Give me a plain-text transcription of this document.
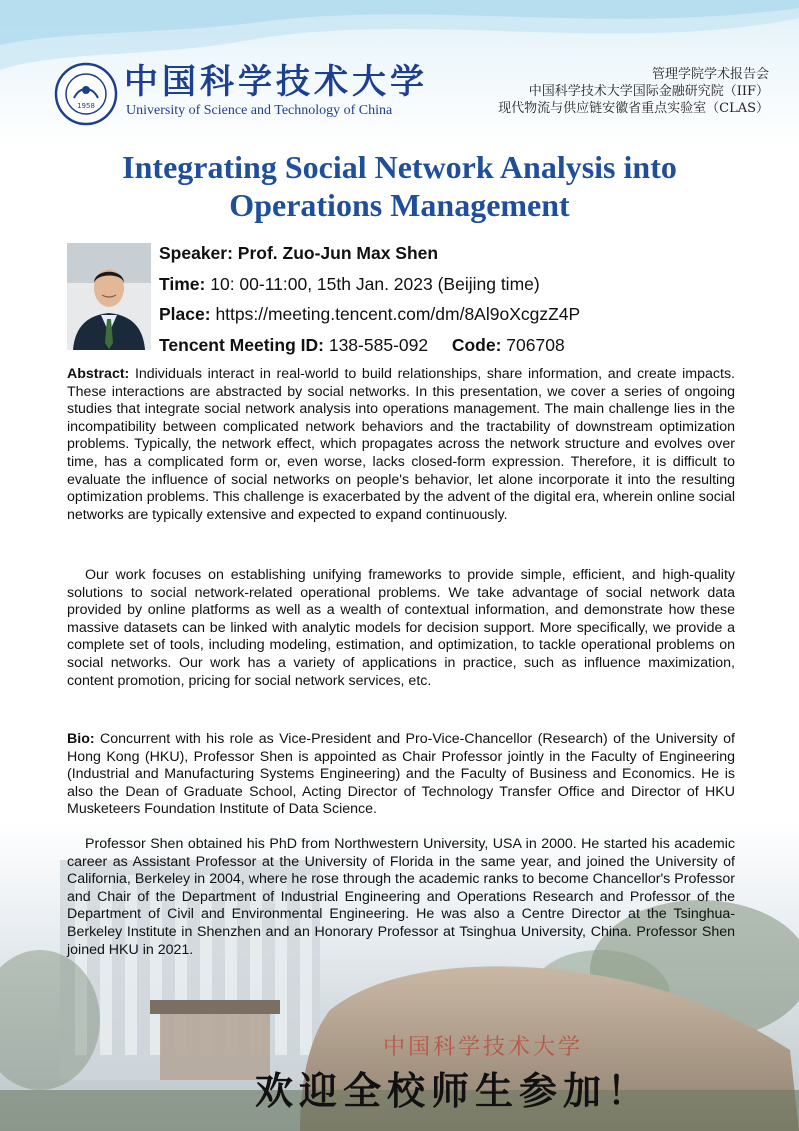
1958
中国科学技术大学
University of Science and Technology of China
管理学院学术报告会
中国科学技术大学国际金融研究院（IIF）
现代物流与供应链安徽省重点实验室（CLAS）
Integrating Social Network Analysis into
Operations Management
Speaker: Prof. Zuo-Jun Max Shen
Time: 10: 00-11:00, 15th Jan. 2023 (Beijing time)
Place: https://meeting.tencent.com/dm/8Al9oXcgzZ4P
Tencent Meeting ID: 138-585-092 Code: 706708
Abstract: Individuals interact in real-world to build relationships, share information, and create impacts. These interactions are abstracted by social networks. In this presentation, we cover a series of ongoing studies that integrate social network analysis into operations management. The main challenge lies in the incompatibility between complicated network behaviors and the tractability of downstream optimization problems. Typically, the network effect, which propagates across the network structure and evolves over time, has a complicated form or, even worse, lacks closed-form expression. Therefore, it is difficult to evaluate the influence of social networks on people's behavior, let alone incorporate it into the resulting optimization problems. This challenge is exacerbated by the advent of the digital era, wherein online social networks are typically extensive and expected to expand continuously.
Our work focuses on establishing unifying frameworks to provide simple, efficient, and high-quality solutions to social network-related operational problems. We take advantage of social network data provided by online platforms as well as a wealth of contextual information, and demonstrate how these massive datasets can be linked with analytic models for decision support. More specifically, we provide a complete set of tools, including modeling, estimation, and optimization, to tackle operational problems on social networks. Our work has a variety of applications in practice, such as influence maximization, content promotion, pricing for social network services, etc.
Bio: Concurrent with his role as Vice-President and Pro-Vice-Chancellor (Research) of the University of Hong Kong (HKU), Professor Shen is appointed as Chair Professor jointly in the Faculty of Engineering (Industrial and Manufacturing Systems Engineering) and the Faculty of Business and Economics. He is also the Dean of Graduate School, Acting Director of Technology Transfer Office and Director of HKU Musketeers Foundation Institute of Data Science.
Professor Shen obtained his PhD from Northwestern University, USA in 2000. He started his academic career as Assistant Professor at the University of Florida in the same year, and joined the University of California, Berkeley in 2004, where he rose through the academic ranks to become Chancellor's Professor and Chair of the Department of Industrial Engineering and Operations Research and Professor of the Department of Civil and Environmental Engineering. He was also a Centre Director at the Tsinghua-Berkeley Institute in Shenzhen and an Honorary Professor at Tsinghua University, China. Professor Shen joined HKU in 2021.
中国科学技术大学
欢迎全校师生参加！
